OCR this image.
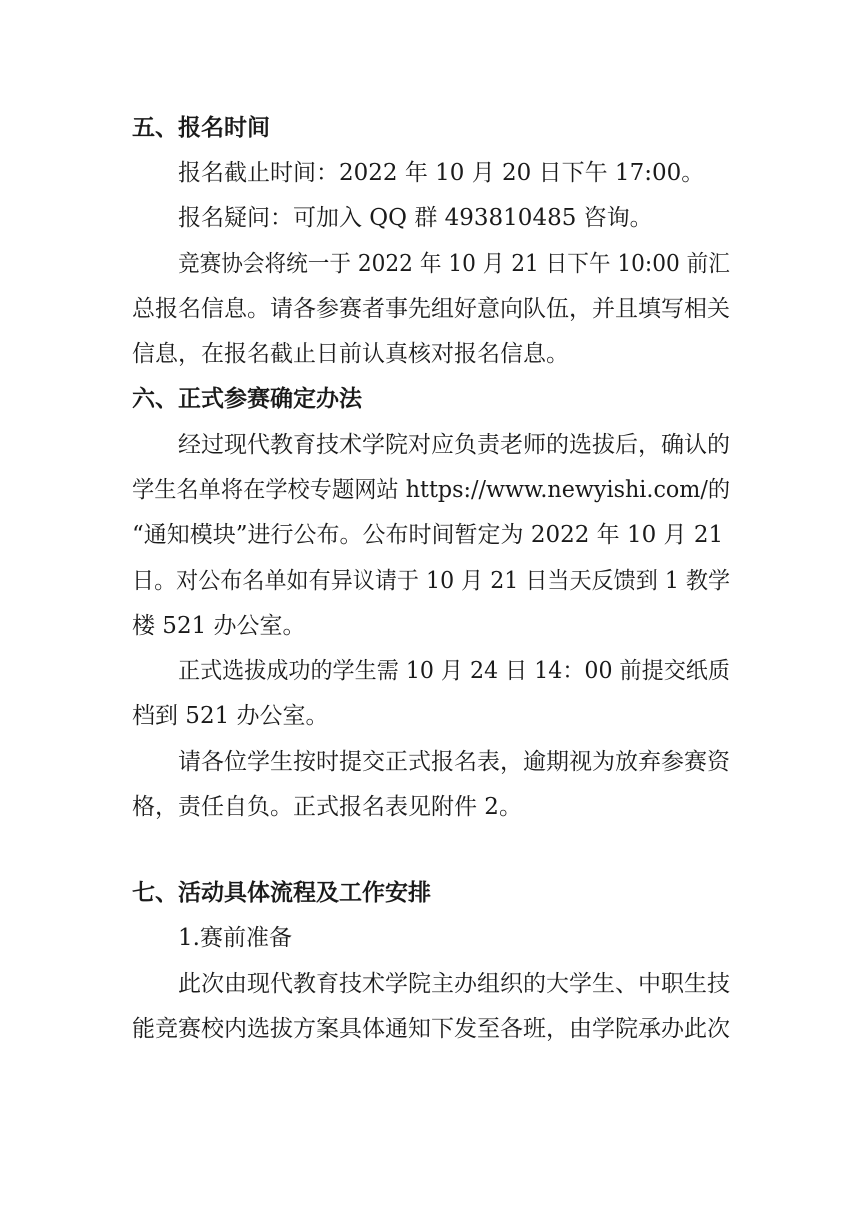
五、报名时间
报名截止时间：2022 年 10 月 20 日下午 17:00。
报名疑问：可加入 QQ 群 493810485 咨询。
竞赛协会将统一于 2022 年 10 月 21 日下午 10:00 前汇
总报名信息。请各参赛者事先组好意向队伍，并且填写相关
信息，在报名截止日前认真核对报名信息。
六、正式参赛确定办法
经过现代教育技术学院对应负责老师的选拔后，确认的
学生名单将在学校专题网站 https://www.newyishi.com/的
“通知模块”进行公布。公布时间暂定为 2022 年 10 月 21
日。对公布名单如有异议请于 10 月 21 日当天反馈到 1 教学
楼 521 办公室。
正式选拔成功的学生需 10 月 24 日 14：00 前提交纸质
档到 521 办公室。
请各位学生按时提交正式报名表，逾期视为放弃参赛资
格，责任自负。正式报名表见附件 2。
七、活动具体流程及工作安排
1.赛前准备
此次由现代教育技术学院主办组织的大学生、中职生技
能竞赛校内选拔方案具体通知下发至各班，由学院承办此次
